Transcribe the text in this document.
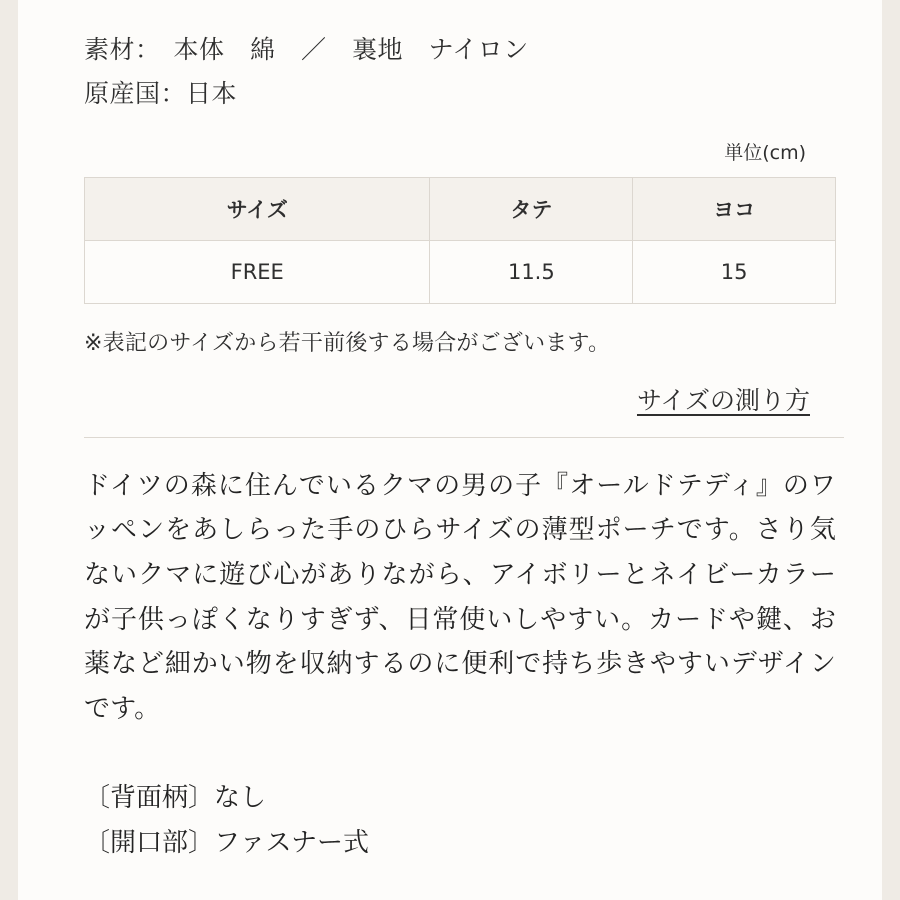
素材：　本体　綿　／　裏地　ナイロン
原産国：日本
単位(cm)
サイズ	タテ	ヨコ
FREE	11.5	15
※表記のサイズから若干前後する場合がございます。
サイズの測り方
ドイツの森に住んでいるクマの男の子『オールドテディ』のワッペンをあしらった手のひらサイズの薄型ポーチです。さり気ないクマに遊び心がありながら、アイボリーとネイビーカラーが子供っぽくなりすぎず、日常使いしやすい。カードや鍵、お薬など細かい物を収納するのに便利で持ち歩きやすいデザインです。
〔背面柄〕なし
〔開口部〕ファスナー式
